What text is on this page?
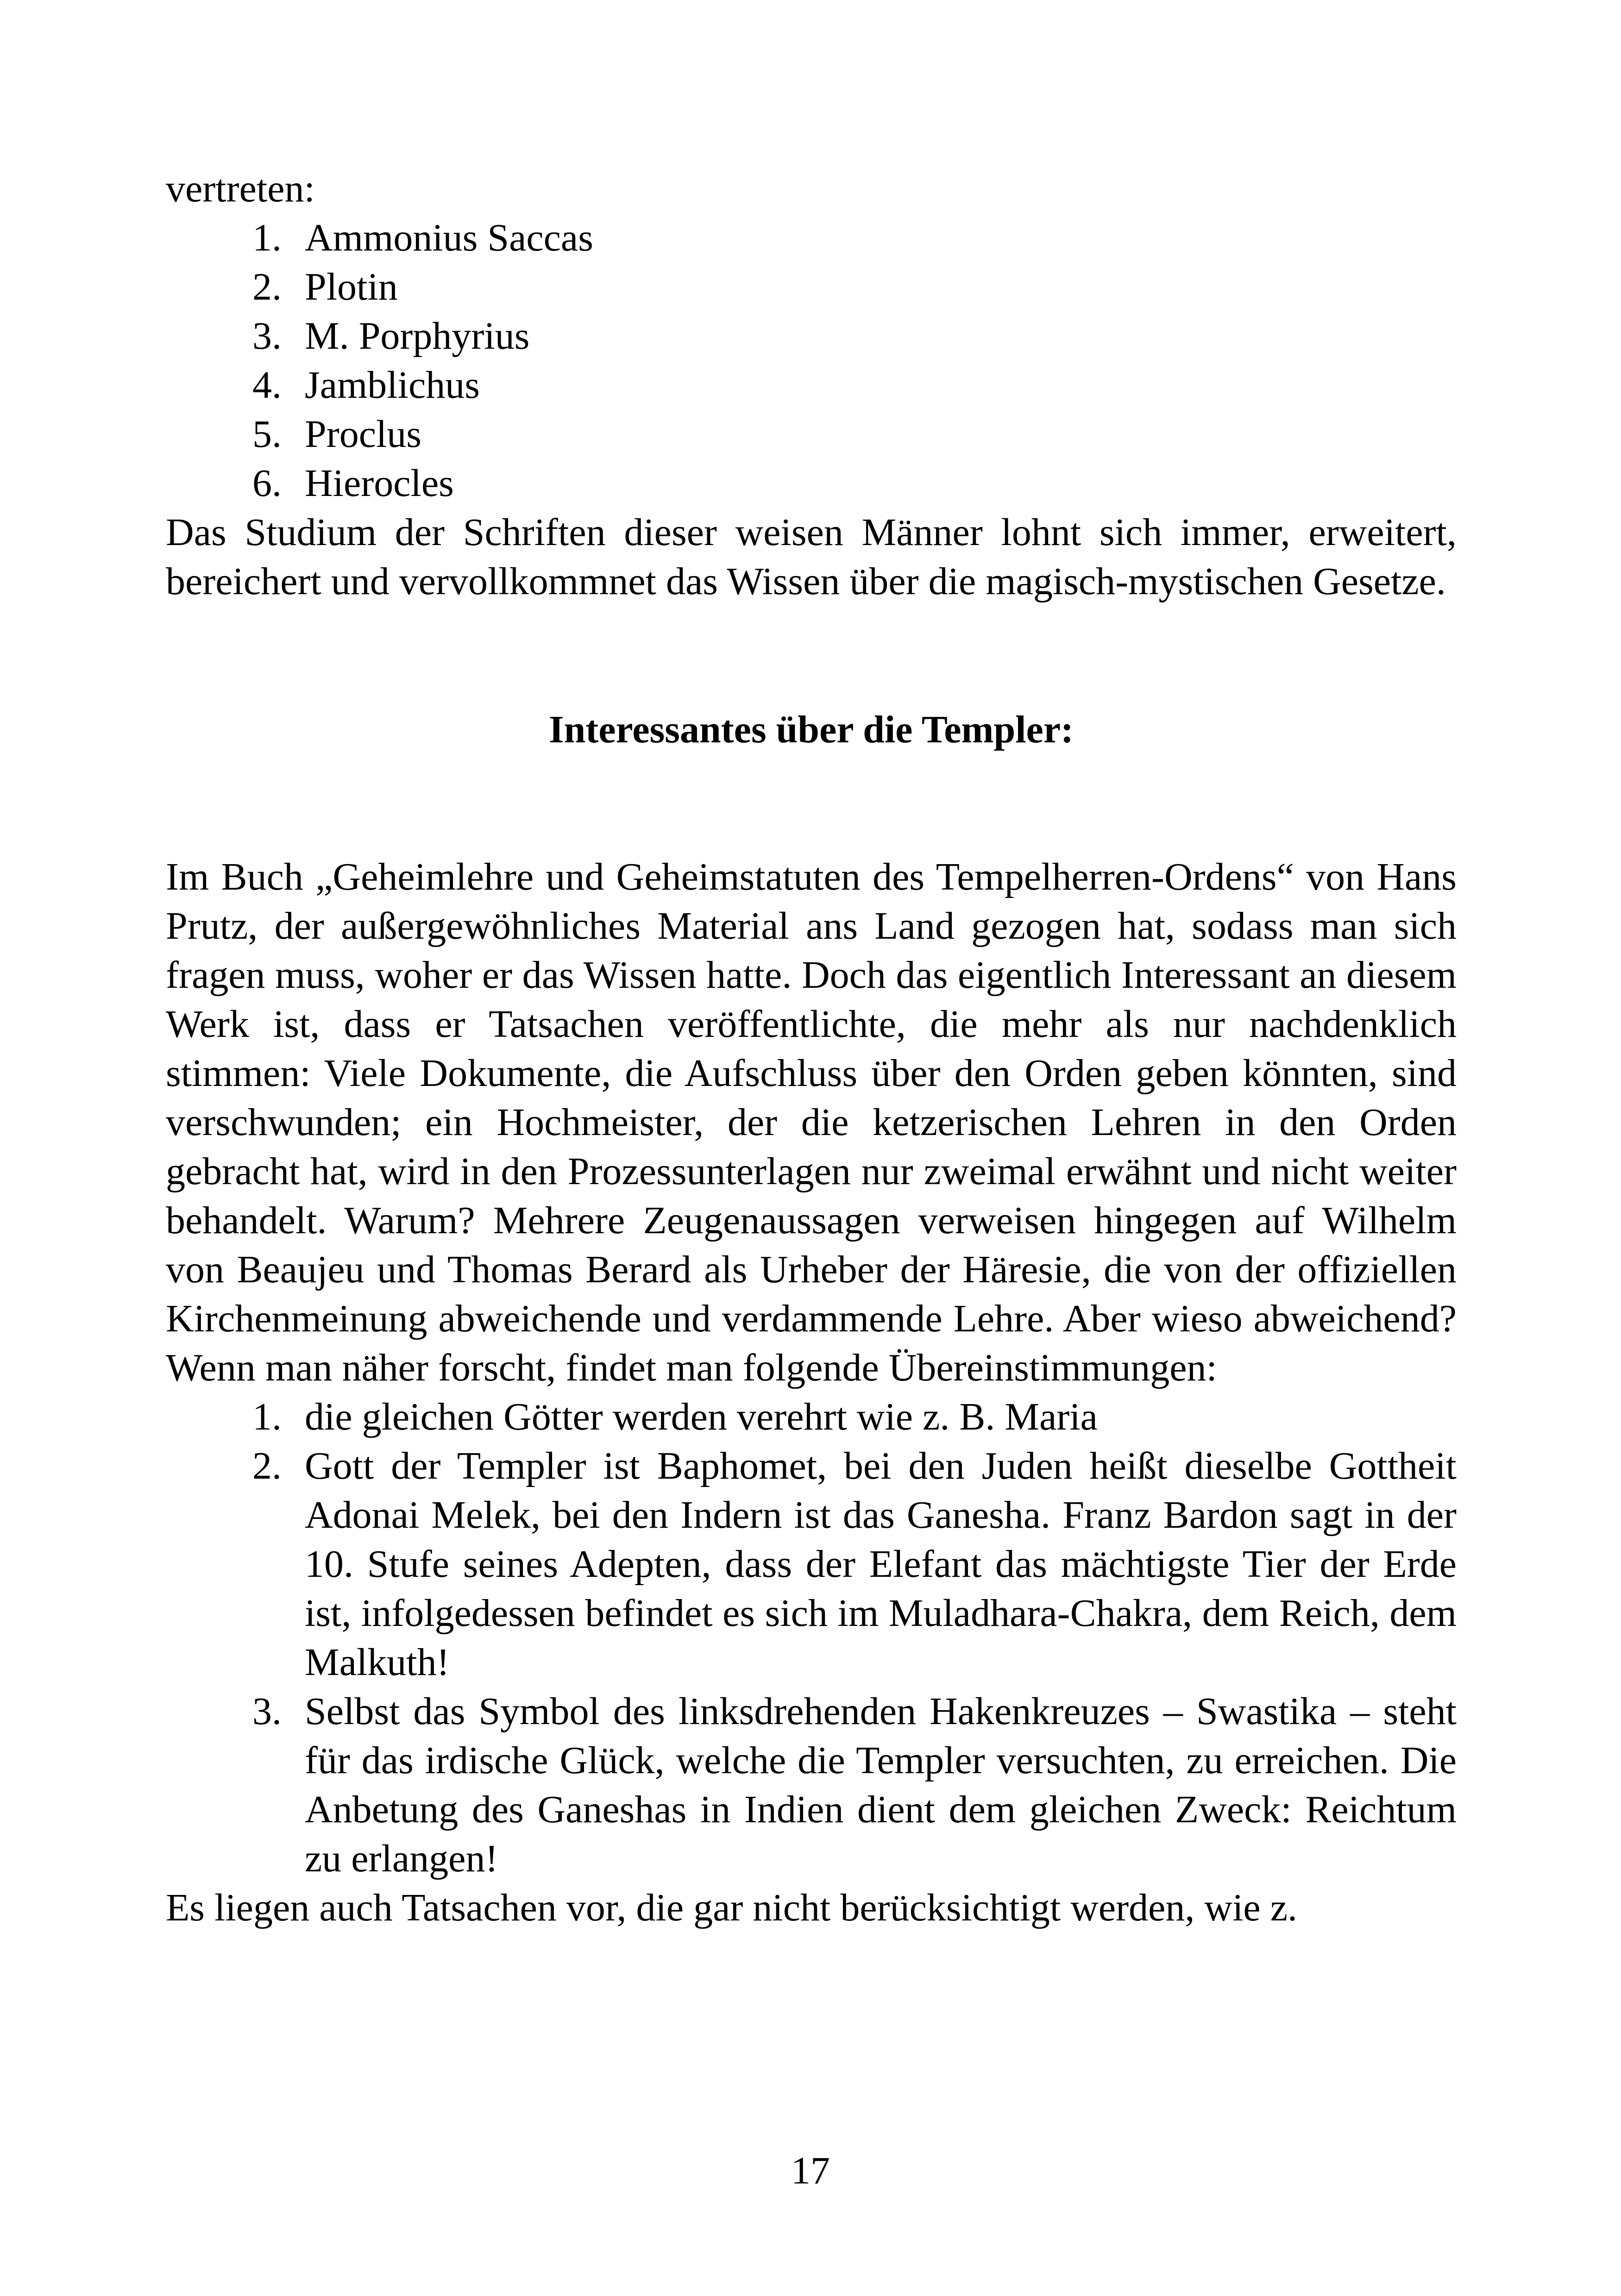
vertreten:

1. Ammonius Saccas
2. Plotin
3. M. Porphyrius
4. Jamblichus
5. Proclus
6. Hierocles

Das Studium der Schriften dieser weisen Männer lohnt sich immer, erweitert, bereichert und vervollkommnet das Wissen über die magisch-mystischen Gesetze.

Interessantes über die Templer:

Im Buch „Geheimlehre und Geheimstatuten des Tempelherren-Ordens“ von Hans Prutz, der außergewöhnliches Material ans Land gezogen hat, sodass man sich fragen muss, woher er das Wissen hatte. Doch das eigentlich Interessant an diesem Werk ist, dass er Tatsachen veröffentlichte, die mehr als nur nachdenklich stimmen: Viele Dokumente, die Aufschluss über den Orden geben könnten, sind verschwunden; ein Hochmeister, der die ketzerischen Lehren in den Orden gebracht hat, wird in den Prozessunterlagen nur zweimal erwähnt und nicht weiter behandelt. Warum? Mehrere Zeugenaussagen verweisen hingegen auf Wilhelm von Beaujeu und Thomas Berard als Urheber der Häresie, die von der offiziellen Kirchenmeinung abweichende und verdammende Lehre. Aber wieso abweichend? Wenn man näher forscht, findet man folgende Übereinstimmungen:

1. die gleichen Götter werden verehrt wie z. B. Maria
2. Gott der Templer ist Baphomet, bei den Juden heißt dieselbe Gottheit Adonai Melek, bei den Indern ist das Ganesha. Franz Bardon sagt in der 10. Stufe seines Adepten, dass der Elefant das mächtigste Tier der Erde ist, infolgedessen befindet es sich im Muladhara-Chakra, dem Reich, dem Malkuth!
3. Selbst das Symbol des linksdrehenden Hakenkreuzes – Swastika – steht für das irdische Glück, welche die Templer versuchten, zu erreichen. Die Anbetung des Ganeshas in Indien dient dem gleichen Zweck: Reichtum zu erlangen!

Es liegen auch Tatsachen vor, die gar nicht berücksichtigt werden, wie z.

17
